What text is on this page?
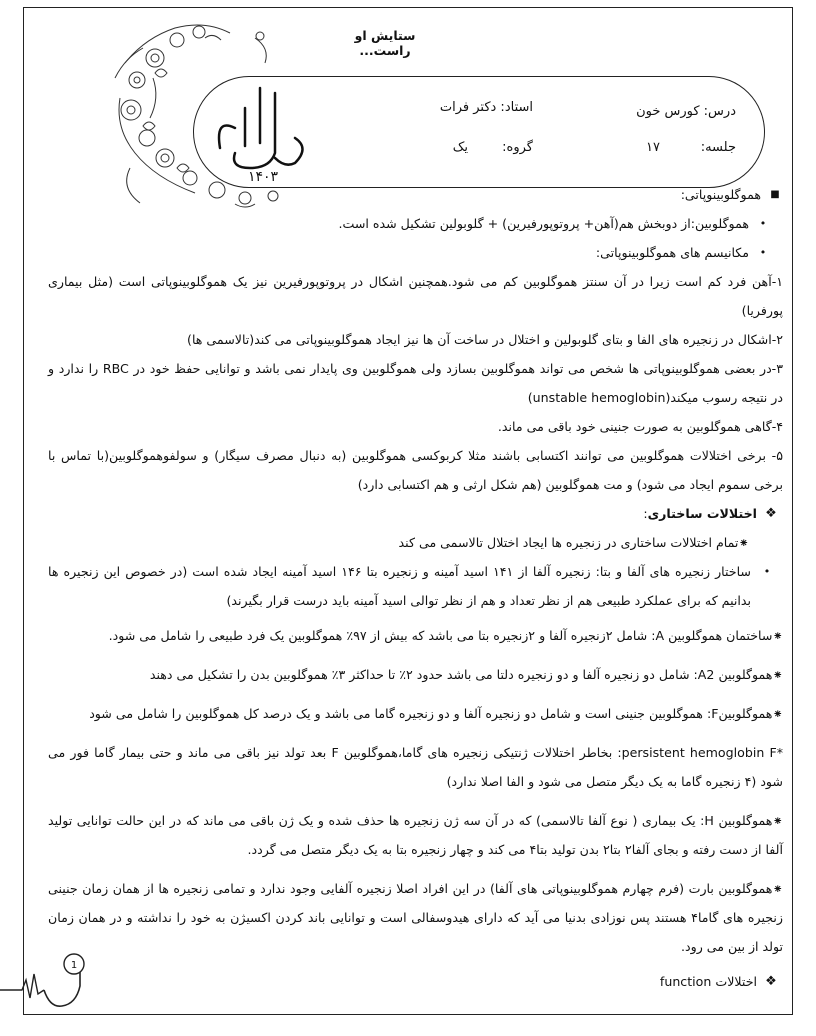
۱۴۰۳
ستایش او راست...
درس: کورس خون
استاد: دکتر فرات
جلسه:
۱۷
گروه:
یک
■
هموگلوبینوپاتی:
•
هموگلوبین:از دوبخش هم(آهن+ پروتوپورفیرین) + گلوبولین تشکیل شده است.
•
مکانیسم های هموگلوبینوپاتی:

۱-آهن فرد کم است زیرا در آن سنتز هموگلوبین کم می شود.همچنین اشکال در پروتوپورفیرین نیز یک هموگلوبینوپاتی است (مثل بیماری پورفریا)

۲-اشکال در زنجیره های الفا و بتای گلوبولین و اختلال در ساخت آن ها نیز ایجاد هموگلوبینوپاتی می کند(تالاسمی ها)

۳-در بعضی هموگلوبینوپاتی ها شخص می تواند هموگلوبین بسازد ولی هموگلوبین وی پایدار نمی باشد و توانایی حفظ خود در RBC را ندارد و در نتیجه رسوب میکند(unstable hemoglobin)

۴-گاهی هموگلوبین به صورت جنینی خود باقی می ماند.

۵- برخی اختلالات هموگلوبین می توانند اکتسابی باشند مثلا کربوکسی هموگلوبین (به دنبال مصرف سیگار) و سولفوهموگلوبین(با تماس با برخی سموم ایجاد می شود) و مت هموگلوبین (هم شکل ارثی و هم اکتسابی دارد)

❖
اختلالات ساختاری:

⁕تمام اختلالات ساختاری در زنجیره ها ایجاد اختلال تالاسمی می کند

•
ساختار زنجیره های آلفا و بتا: زنجیره آلفا از ۱۴۱ اسید آمینه و زنجیره بتا ۱۴۶ اسید آمینه ایجاد شده است (در خصوص این زنجیره ها بدانیم که برای عملکرد طبیعی هم از نظر تعداد و هم از نظر توالی اسید آمینه باید درست قرار بگیرند)

⁕ساختمان هموگلوبین A: شامل ۲زنجیره آلفا و ۲زنجیره بتا می باشد که بیش از ۹۷٪ هموگلوبین یک فرد طبیعی را شامل می شود.

⁕هموگلوبین A2: شامل دو زنجیره آلفا و دو زنجیره دلتا می باشد حدود ۲٪ تا حداکثر ۳٪ هموگلوبین بدن را تشکیل می دهند

⁕هموگلوبینF: هموگلوبین جنینی است و شامل دو زنجیره آلفا و دو زنجیره گاما می باشد و یک درصد کل هموگلوبین را شامل می شود

*persistent hemoglobin F: بخاطر اختلالات ژنتیکی زنجیره های گاما،هموگلوبین F بعد تولد نیز باقی می ماند و حتی بیمار گاما فور می شود (۴ زنجیره گاما به یک دیگر متصل می شود و الفا اصلا ندارد)

⁕هموگلوبین H: یک بیماری ( نوع آلفا تالاسمی) که در آن سه ژن زنجیره ها حذف شده و یک ژن باقی می ماند که در این حالت توانایی تولید آلفا از دست رفته و بجای آلفا۲ بتا۲ بدن تولید بتا۴ می کند و چهار زنجیره بتا به یک دیگر متصل می گردد.

⁕هموگلوبین بارت (فرم چهارم هموگلوبینوپاتی های آلفا) در این افراد اصلا زنجیره آلفایی وجود ندارد و تمامی زنجیره ها از همان زمان جنینی زنجیره های گاما۴ هستند پس نوزادی بدنیا می آید که دارای هیدوسفالی است و توانایی باند کردن اکسیژن به خود را نداشته و در همان زمان تولد از بین می رود.

❖
اختلالات function
1
